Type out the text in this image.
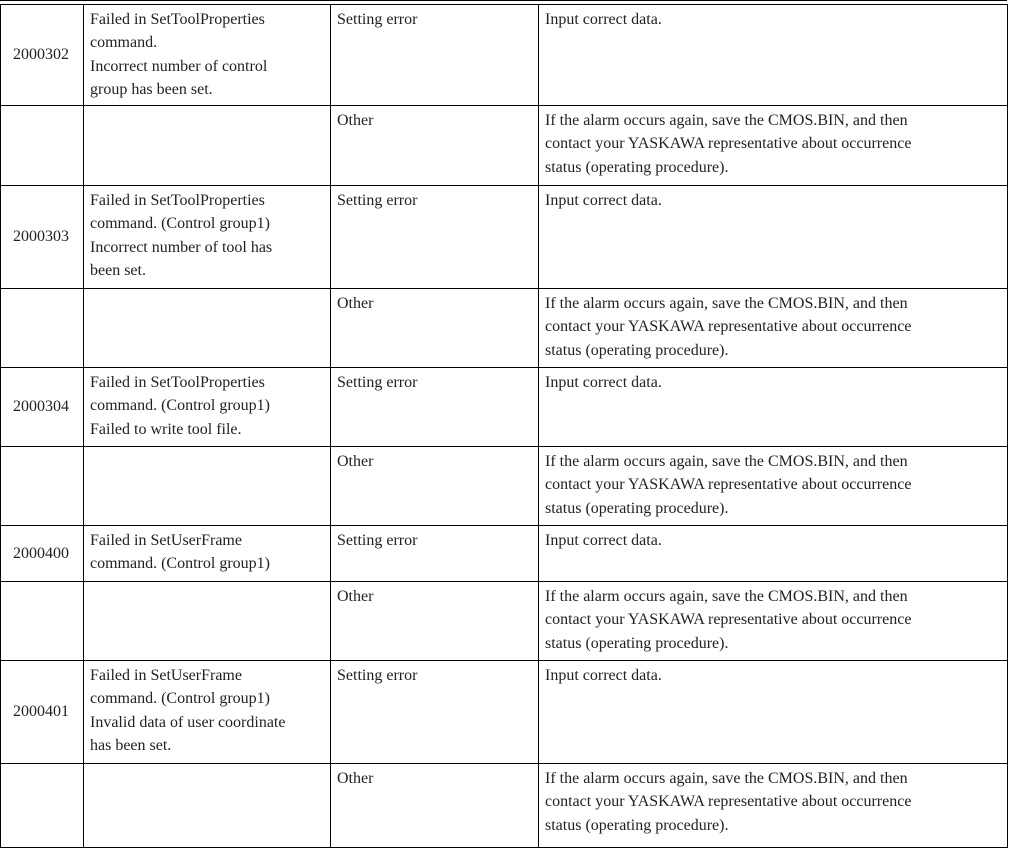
2000302	Failed in SetToolProperties
command.
Incorrect number of control
group has been set.	Setting error	Input correct data.

		Other	If the alarm occurs again, save the CMOS.BIN, and then
contact your YASKAWA representative about occurrence
status (operating procedure).

2000303	Failed in SetToolProperties
command. (Control group1)
Incorrect number of tool has
been set.	Setting error	Input correct data.

		Other	If the alarm occurs again, save the CMOS.BIN, and then
contact your YASKAWA representative about occurrence
status (operating procedure).

2000304	Failed in SetToolProperties
command. (Control group1)
Failed to write tool file.	Setting error	Input correct data.

		Other	If the alarm occurs again, save the CMOS.BIN, and then
contact your YASKAWA representative about occurrence
status (operating procedure).

2000400	Failed in SetUserFrame
command. (Control group1)	Setting error	Input correct data.

		Other	If the alarm occurs again, save the CMOS.BIN, and then
contact your YASKAWA representative about occurrence
status (operating procedure).

2000401	Failed in SetUserFrame
command. (Control group1)
Invalid data of user coordinate
has been set.	Setting error	Input correct data.

		Other	If the alarm occurs again, save the CMOS.BIN, and then
contact your YASKAWA representative about occurrence
status (operating procedure).
